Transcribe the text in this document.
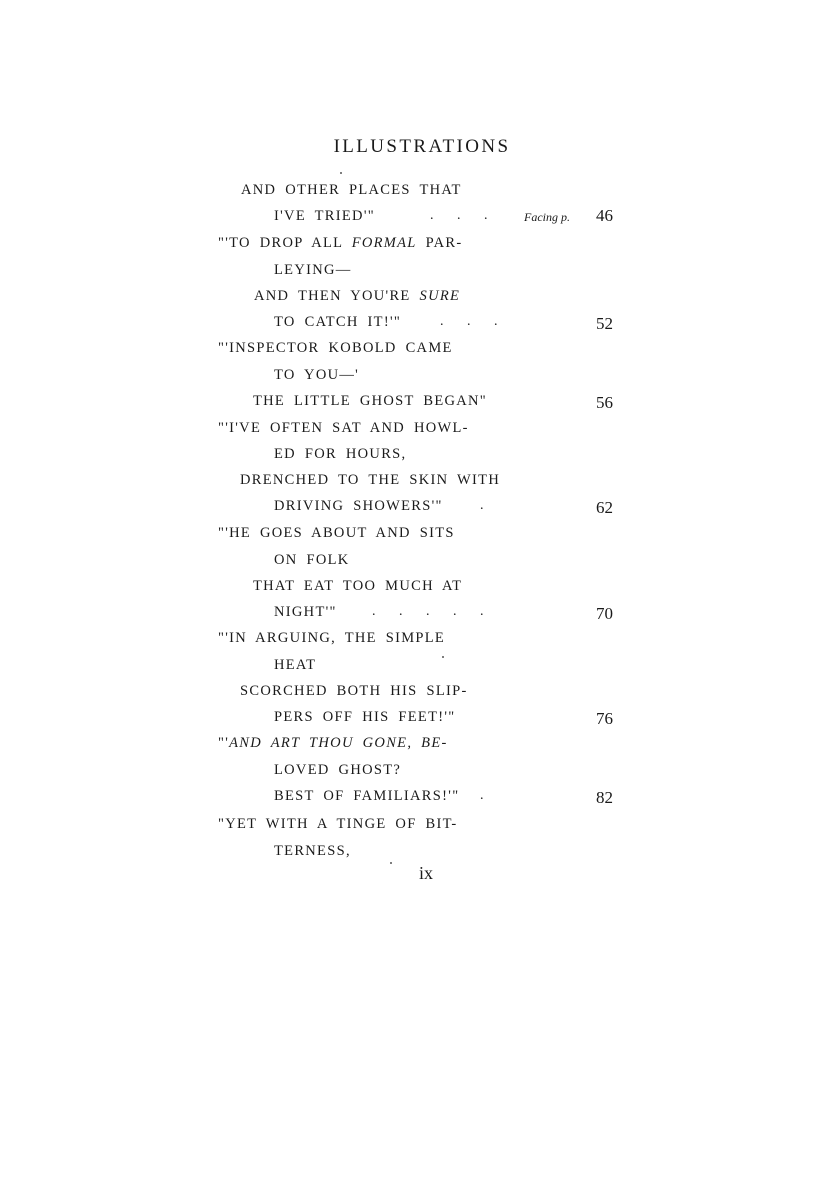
ILLUSTRATIONS
AND OTHER PLACES THAT
I'VE TRIED'"	. . . Facing p. 46
"'TO DROP ALL FORMAL PAR-
LEYING—
AND THEN YOU'RE SURE
TO CATCH IT!'"	. . .	52
"'INSPECTOR KOBOLD CAME
TO YOU—'
THE LITTLE GHOST BEGAN"	56
"'I'VE OFTEN SAT AND HOWL-
ED FOR HOURS,
DRENCHED TO THE SKIN WITH
DRIVING SHOWERS'"	.	62
"'HE GOES ABOUT AND SITS
ON FOLK
THAT EAT TOO MUCH AT
NIGHT'"	. . . . .	70
"'IN ARGUING, THE SIMPLE
HEAT
SCORCHED BOTH HIS SLIP-
PERS OFF HIS FEET!'"	76
"'AND ART THOU GONE, BE-
LOVED GHOST?
BEST OF FAMILIARS!'" .	82
"YET WITH A TINGE OF BIT-
TERNESS,
ix
